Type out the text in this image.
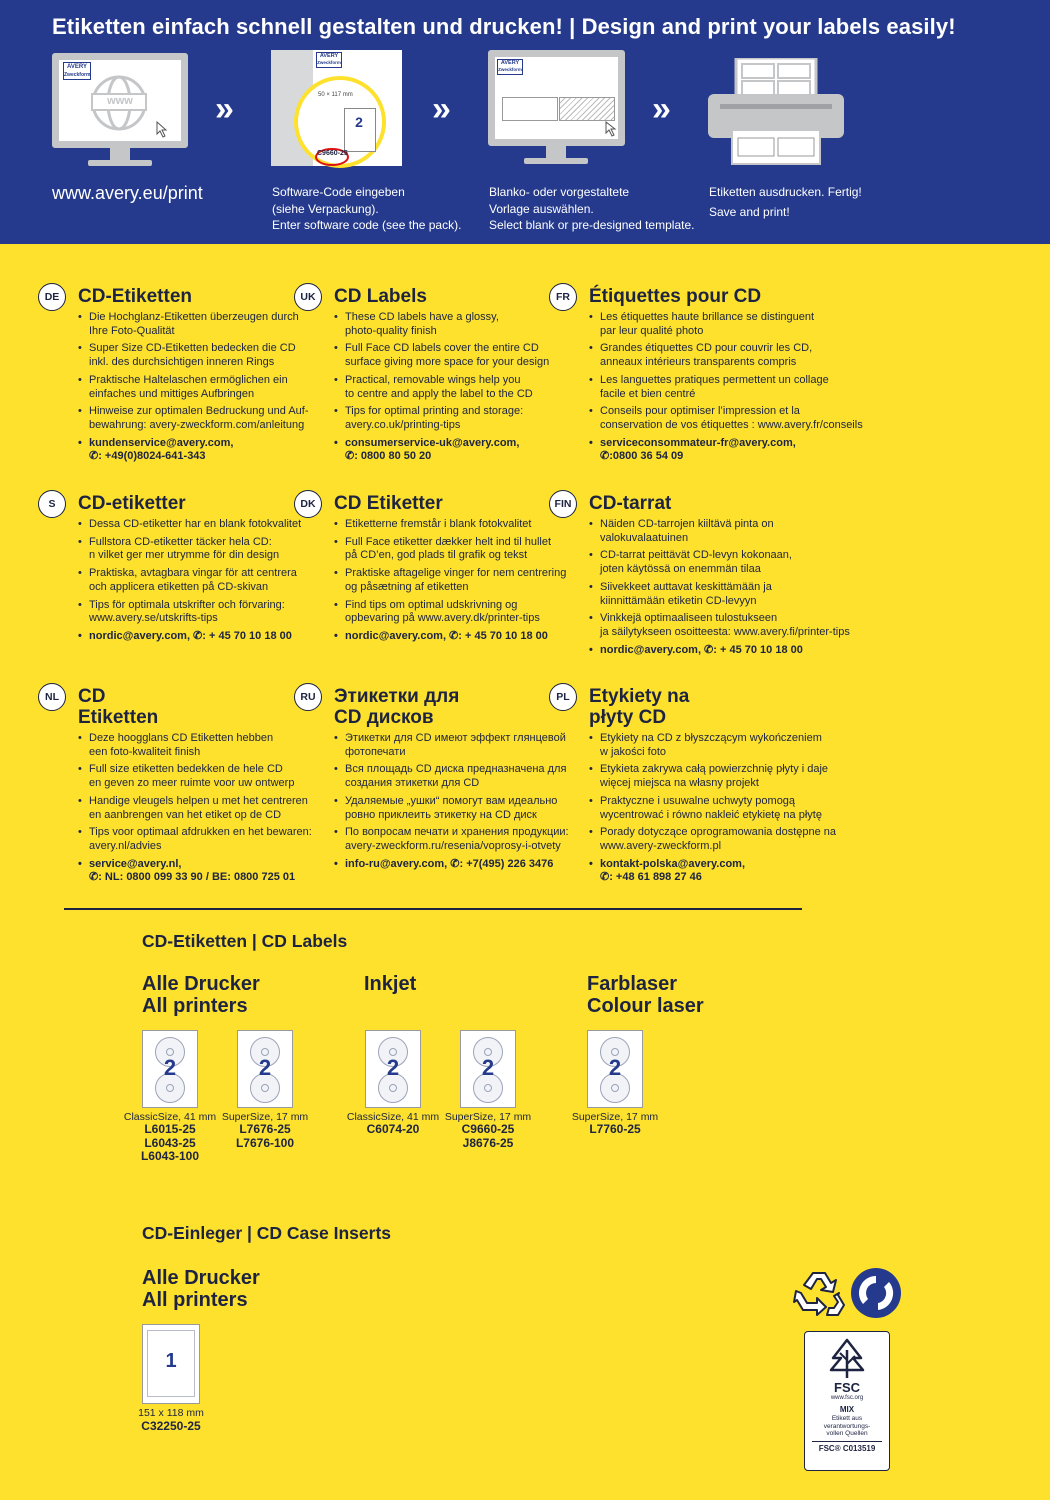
Etiketten einfach schnell gestalten und drucken! | Design and print your labels easily!
AVERY
Zweckform
www
www.avery.eu/print
»
AVERY
Zweckform
50 × 117 mm
2
C9660-25
Software-Code eingeben
(siehe Verpackung).
Enter software code (see the pack).
»
AVERY
Zweckform
Blanko- oder vorgestaltete
Vorlage auswählen.
Select blank or pre-designed template.
»
Etiketten ausdrucken. Fertig!
Save and print!
DE CD-Etiketten
• Die Hochglanz-Etiketten überzeugen durch
Ihre Foto-Qualität
• Super Size CD-Etiketten bedecken die CD
inkl. des durchsichtigen inneren Rings
• Praktische Haltelaschen ermöglichen ein
einfaches und mittiges Aufbringen
• Hinweise zur optimalen Bedruckung und Auf-
bewahrung: avery-zweckform.com/anleitung
• kundenservice@avery.com,
✆: +49(0)8024-641-343
UK CD Labels
• These CD labels have a glossy,
photo-quality finish
• Full Face CD labels cover the entire CD
surface giving more space for your design
• Practical, removable wings help you
to centre and apply the label to the CD
• Tips for optimal printing and storage:
avery.co.uk/printing-tips
• consumerservice-uk@avery.com,
✆: 0800 80 50 20
FR	Étiquettes pour CD
• Les étiquettes haute brillance se distinguent
par leur qualité photo
• Grandes étiquettes CD pour couvrir les CD,
anneaux intérieurs transparents compris
• Les languettes pratiques permettent un collage
facile et bien centré
• Conseils pour optimiser l’impression et la
conservation de vos étiquettes : www.avery.fr/conseils
• serviceconsommateur-fr@avery.com,
✆:0800 36 54 09
S	CD-etiketter
• Dessa CD-etiketter har en blank fotokvalitet
• Fullstora CD-etiketter täcker hela CD:
n vilket ger mer utrymme för din design
• Praktiska, avtagbara vingar för att centrera
och applicera etiketten på CD-skivan
• Tips för optimala utskrifter och förvaring:
www.avery.se/utskrifts-tips
• nordic@avery.com, ✆: + 45 70 10 18 00
DK CD Etiketter
• Etiketterne fremstår i blank fotokvalitet
• Full Face etiketter dækker helt ind til hullet
på CD’en, god plads til grafik og tekst
• Praktiske aftagelige vinger for nem centrering
og påsætning af etiketten
• Find tips om optimal udskrivning og
opbevaring på www.avery.dk/printer-tips
• nordic@avery.com, ✆: + 45 70 10 18 00
FIN CD-tarrat
• Näiden CD-tarrojen kiiltävä pinta on
valokuvalaatuinen
• CD-tarrat peittävät CD-levyn kokonaan,
joten käytössä on enemmän tilaa
• Siivekkeet auttavat keskittämään ja
kiinnittämään etiketin CD-levyyn
• Vinkkejä optimaaliseen tulostukseen
ja säilytykseen osoitteesta: www.avery.fi/printer-tips
• nordic@avery.com, ✆: + 45 70 10 18 00
NL	CD
Etiketten
• Deze hoogglans CD Etiketten hebben
een foto-kwaliteit finish
• Full size etiketten bedekken de hele CD
en geven zo meer ruimte voor uw ontwerp
• Handige vleugels helpen u met het centreren
en aanbrengen van het etiket op de CD
• Tips voor optimaal afdrukken en het bewaren:
avery.nl/advies
• service@avery.nl,
✆: NL: 0800 099 33 90 / BE: 0800 725 01
RU Этикетки для
CD дисков
• Этикетки для CD имеют эффект глянцевой
фотопечати
• Вся площадь CD диска предназначена для
создания этикетки для CD
• Удаляемые „ушки“ помогут вам идеально
ровно приклеить этикетку на CD диск
• По вопросам печати и хранения продукции:
avery-zweckform.ru/resenia/voprosy-i-otvety
• info-ru@avery.com, ✆: +7(495) 226 3476
PL	Etykiety na
płyty CD
• Etykiety na CD z błyszczącym wykończeniem
w jakości foto
• Etykieta zakrywa całą powierzchnię płyty i daje
więcej miejsca na własny projekt
• Praktyczne i usuwalne uchwyty pomogą
wycentrować i równo nakleić etykietę na płytę
• Porady dotyczące oprogramowania dostępne na
www.avery-zweckform.pl
• kontakt-polska@avery.com,
✆: +48 61 898 27 46
CD-Etiketten | CD Labels
Alle Drucker
All printers
Inkjet	Farblaser
Colour laser
2
ClassicSize, 41 mm
L6015-25
L6043-25
L6043-100
2
SuperSize, 17 mm
L7676-25
L7676-100
2
ClassicSize, 41 mm
C6074-20
2
SuperSize, 17 mm
C9660-25
J8676-25
2
SuperSize, 17 mm
L7760-25
CD-Einleger | CD Case Inserts
Alle Drucker
All printers
1
151 x 118 mm
C32250-25
FSC
www.fsc.org
MIX
Etikett aus
verantwortungs-
vollen Quellen
FSC® C013519
